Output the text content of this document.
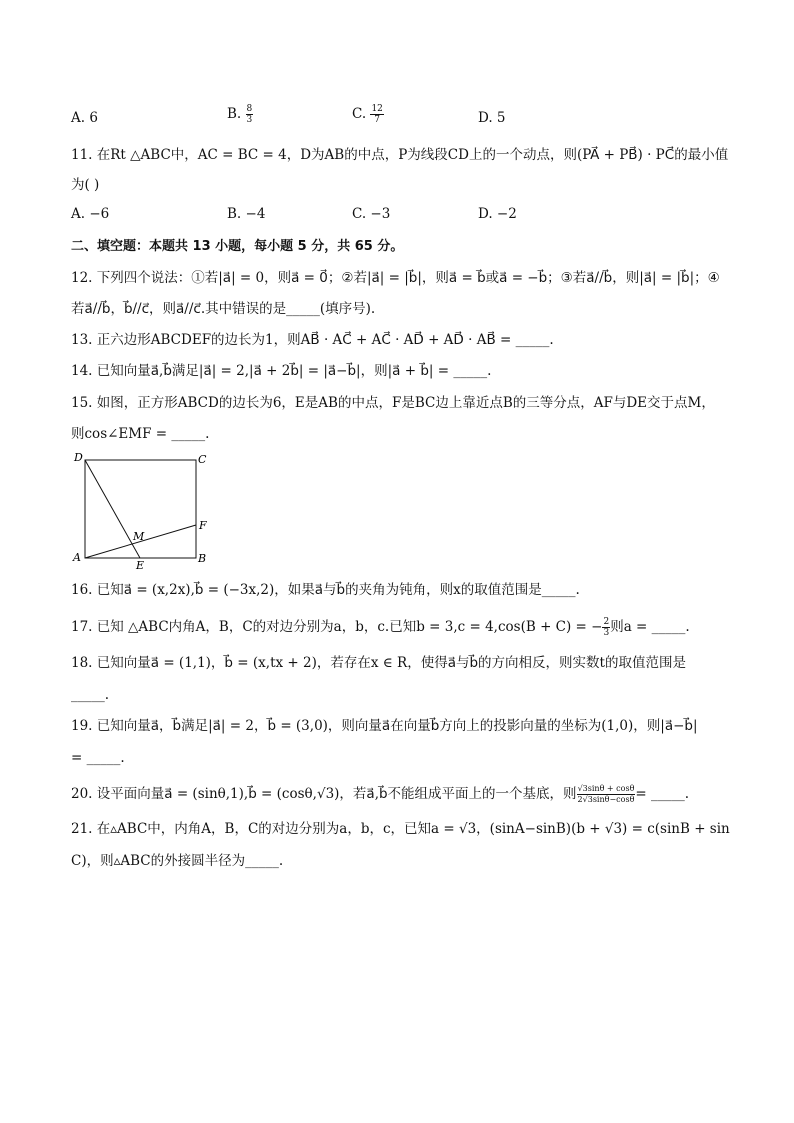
A. 6	B. $\frac{8}{3}$	C. $\frac{12}{7}$	D. 5
11. 在Rt △ABC中，AC = BC = 4，D为AB的中点，P为线段CD上的一个动点，则(PA⃗ + PB⃗) · PC⃗的最小值
为( )
A. −6	B. −4	C. −3	D. −2
二、填空题：本题共 13 小题，每小题 5 分，共 65 分。
12. 下列四个说法：①若|a⃗| = 0，则a⃗ = 0⃗；②若|a⃗| = |b⃗|，则a⃗ = b⃗或a⃗ = −b⃗；③若a⃗//b⃗，则|a⃗| = |b⃗|；④
若a⃗//b⃗，b⃗//c⃗，则a⃗//c⃗.其中错误的是_____(填序号).
13. 正六边形ABCDEF的边长为1，则AB⃗ · AC⃗ + AC⃗ · AD⃗ + AD⃗ · AB⃗ = _____.
14. 已知向量a⃗,b⃗满足|a⃗| = 2,|a⃗ + 2b⃗| = |a⃗−b⃗|，则|a⃗ + b⃗| = _____.
15. 如图，正方形ABCD的边长为6，E是AB的中点，F是BC边上靠近点B的三等分点，AF与DE交于点M，
则cos∠EMF = _____.
D	C
F
M
A
E
B
16. 已知a⃗ = (x,2x),b⃗ = (−3x,2)，如果a⃗与b⃗的夹角为钝角，则x的取值范围是_____.
17. 已知 △ABC内角A，B，C的对边分别为a，b，c.已知b = 3,c = 4,cos(B + C) = − $\frac{2}{3}$ 则a = _____.
18. 已知向量a⃗ = (1,1)，b⃗ = (x,tx + 2)，若存在x ∈ R，使得a⃗与b⃗的方向相反，则实数t的取值范围是
_____.
19. 已知向量a⃗，b⃗满足|a⃗| = 2，b⃗ = (3,0)，则向量a⃗在向量b⃗方向上的投影向量的坐标为(1,0)，则|a⃗−b⃗|
= _____.
20. 设平面向量a⃗ = (sinθ,1),b⃗ = (cosθ,√3)，若a⃗,b⃗不能组成平面上的一个基底，则 $\frac{√3\sin\theta + \cos\theta}{2√3\sin\theta-\cos\theta}$ = _____.
21. 在▵ABC中，内角A，B，C的对边分别为a，b，c，已知a = √3，(sinA−sinB)(b + √3) = c(sinB + sin
C)，则▵ABC的外接圆半径为_____.
